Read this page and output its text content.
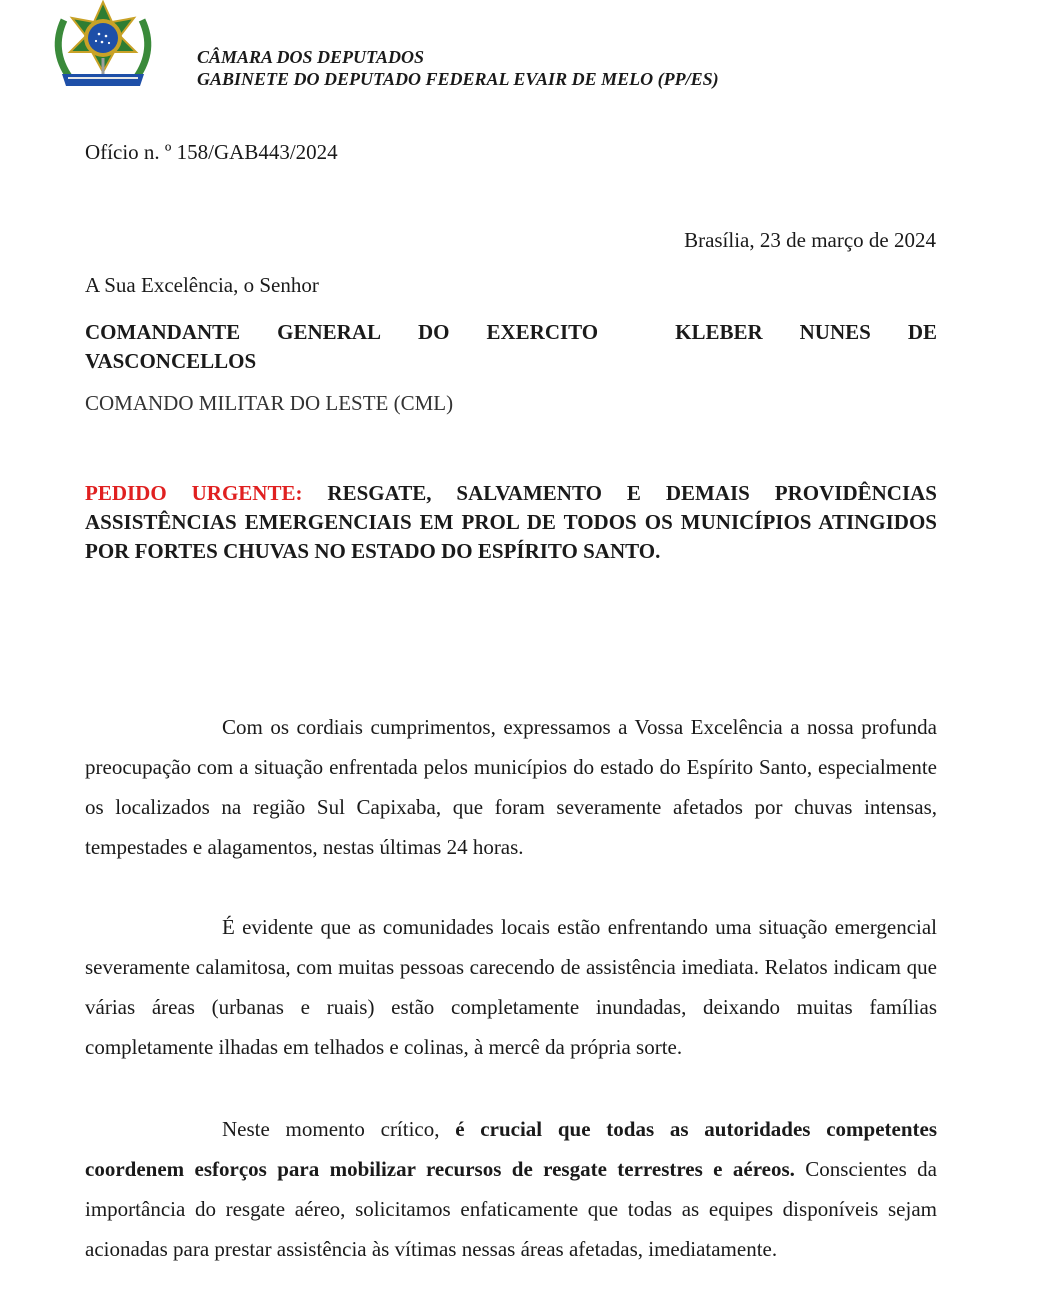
CÂMARA DOS DEPUTADOS
GABINETE DO DEPUTADO FEDERAL EVAIR DE MELO (PP/ES)
Ofício n. º 158/GAB443/2024
Brasília, 23 de março de 2024
A Sua Excelência, o Senhor
COMANDANTE GENERAL DO EXERCITO	KLEBER NUNES DE
VASCONCELLOS
COMANDO MILITAR DO LESTE (CML)
PEDIDO URGENTE: RESGATE, SALVAMENTO E DEMAIS PROVIDÊNCIAS ASSISTÊNCIAS EMERGENCIAIS EM PROL DE TODOS OS MUNICÍPIOS ATINGIDOS POR FORTES CHUVAS NO ESTADO DO ESPÍRITO SANTO.

Com os cordiais cumprimentos, expressamos a Vossa Excelência a nossa profunda preocupação com a situação enfrentada pelos municípios do estado do Espírito Santo, especialmente os localizados na região Sul Capixaba, que foram severamente afetados por chuvas intensas, tempestades e alagamentos, nestas últimas 24 horas.

É evidente que as comunidades locais estão enfrentando uma situação emergencial severamente calamitosa, com muitas pessoas carecendo de assistência imediata. Relatos indicam que várias áreas (urbanas e ruais) estão completamente inundadas, deixando muitas famílias completamente ilhadas em telhados e colinas, à mercê da própria sorte.

Neste momento crítico, é crucial que todas as autoridades competentes coordenem esforços para mobilizar recursos de resgate terrestres e aéreos. Conscientes da importância do resgate aéreo, solicitamos enfaticamente que todas as equipes disponíveis sejam acionadas para prestar assistência às vítimas nessas áreas afetadas, imediatamente.
